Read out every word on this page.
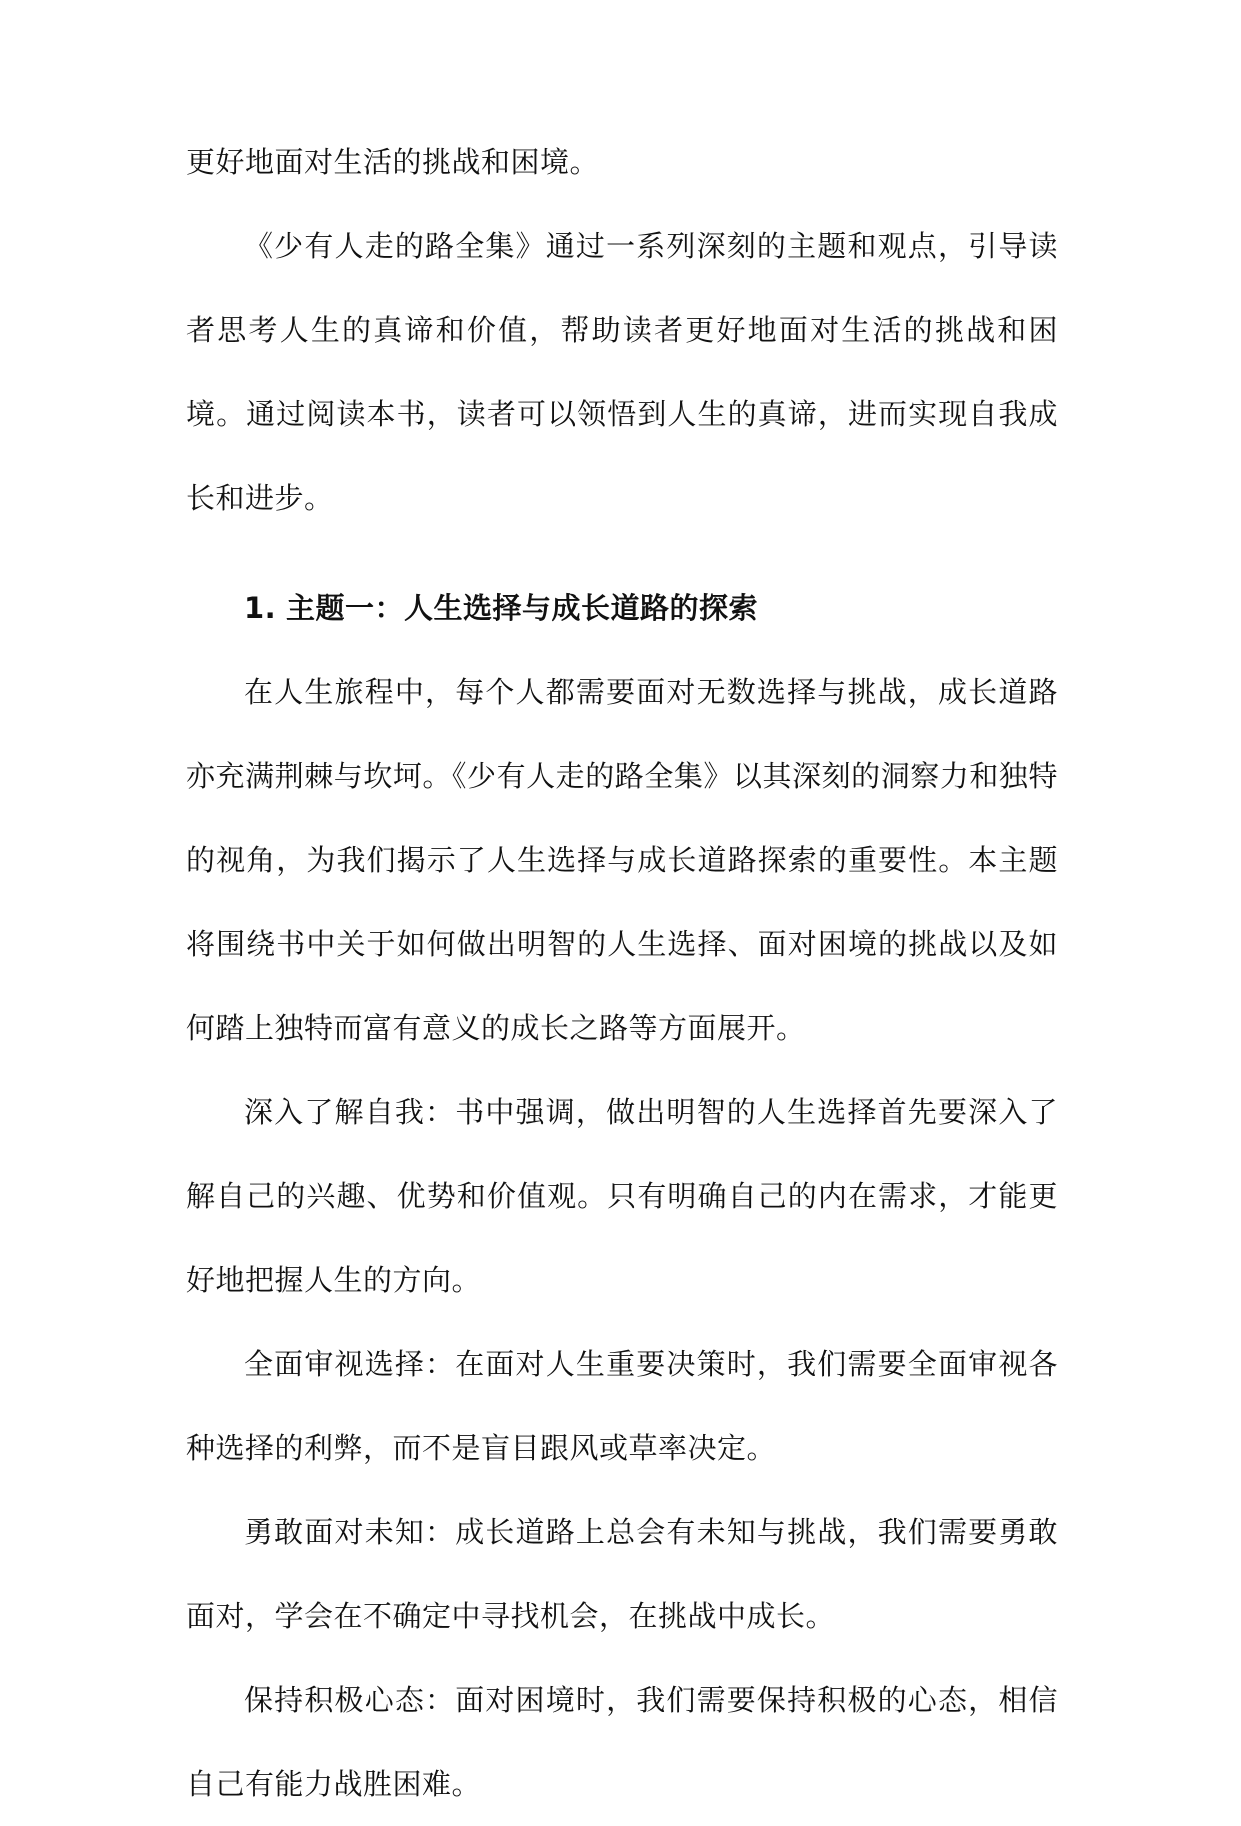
更好地面对生活的挑战和困境。

《少有人走的路全集》通过一系列深刻的主题和观点，引导读者思考人生的真谛和价值，帮助读者更好地面对生活的挑战和困境。通过阅读本书，读者可以领悟到人生的真谛，进而实现自我成长和进步。

1. 主题一：人生选择与成长道路的探索

在人生旅程中，每个人都需要面对无数选择与挑战，成长道路亦充满荆棘与坎坷。《少有人走的路全集》以其深刻的洞察力和独特的视角，为我们揭示了人生选择与成长道路探索的重要性。本主题将围绕书中关于如何做出明智的人生选择、面对困境的挑战以及如何踏上独特而富有意义的成长之路等方面展开。

深入了解自我：书中强调，做出明智的人生选择首先要深入了解自己的兴趣、优势和价值观。只有明确自己的内在需求，才能更好地把握人生的方向。

全面审视选择：在面对人生重要决策时，我们需要全面审视各种选择的利弊，而不是盲目跟风或草率决定。

勇敢面对未知：成长道路上总会有未知与挑战，我们需要勇敢面对，学会在不确定中寻找机会，在挑战中成长。

保持积极心态：面对困境时，我们需要保持积极的心态，相信自己有能力战胜困难。
